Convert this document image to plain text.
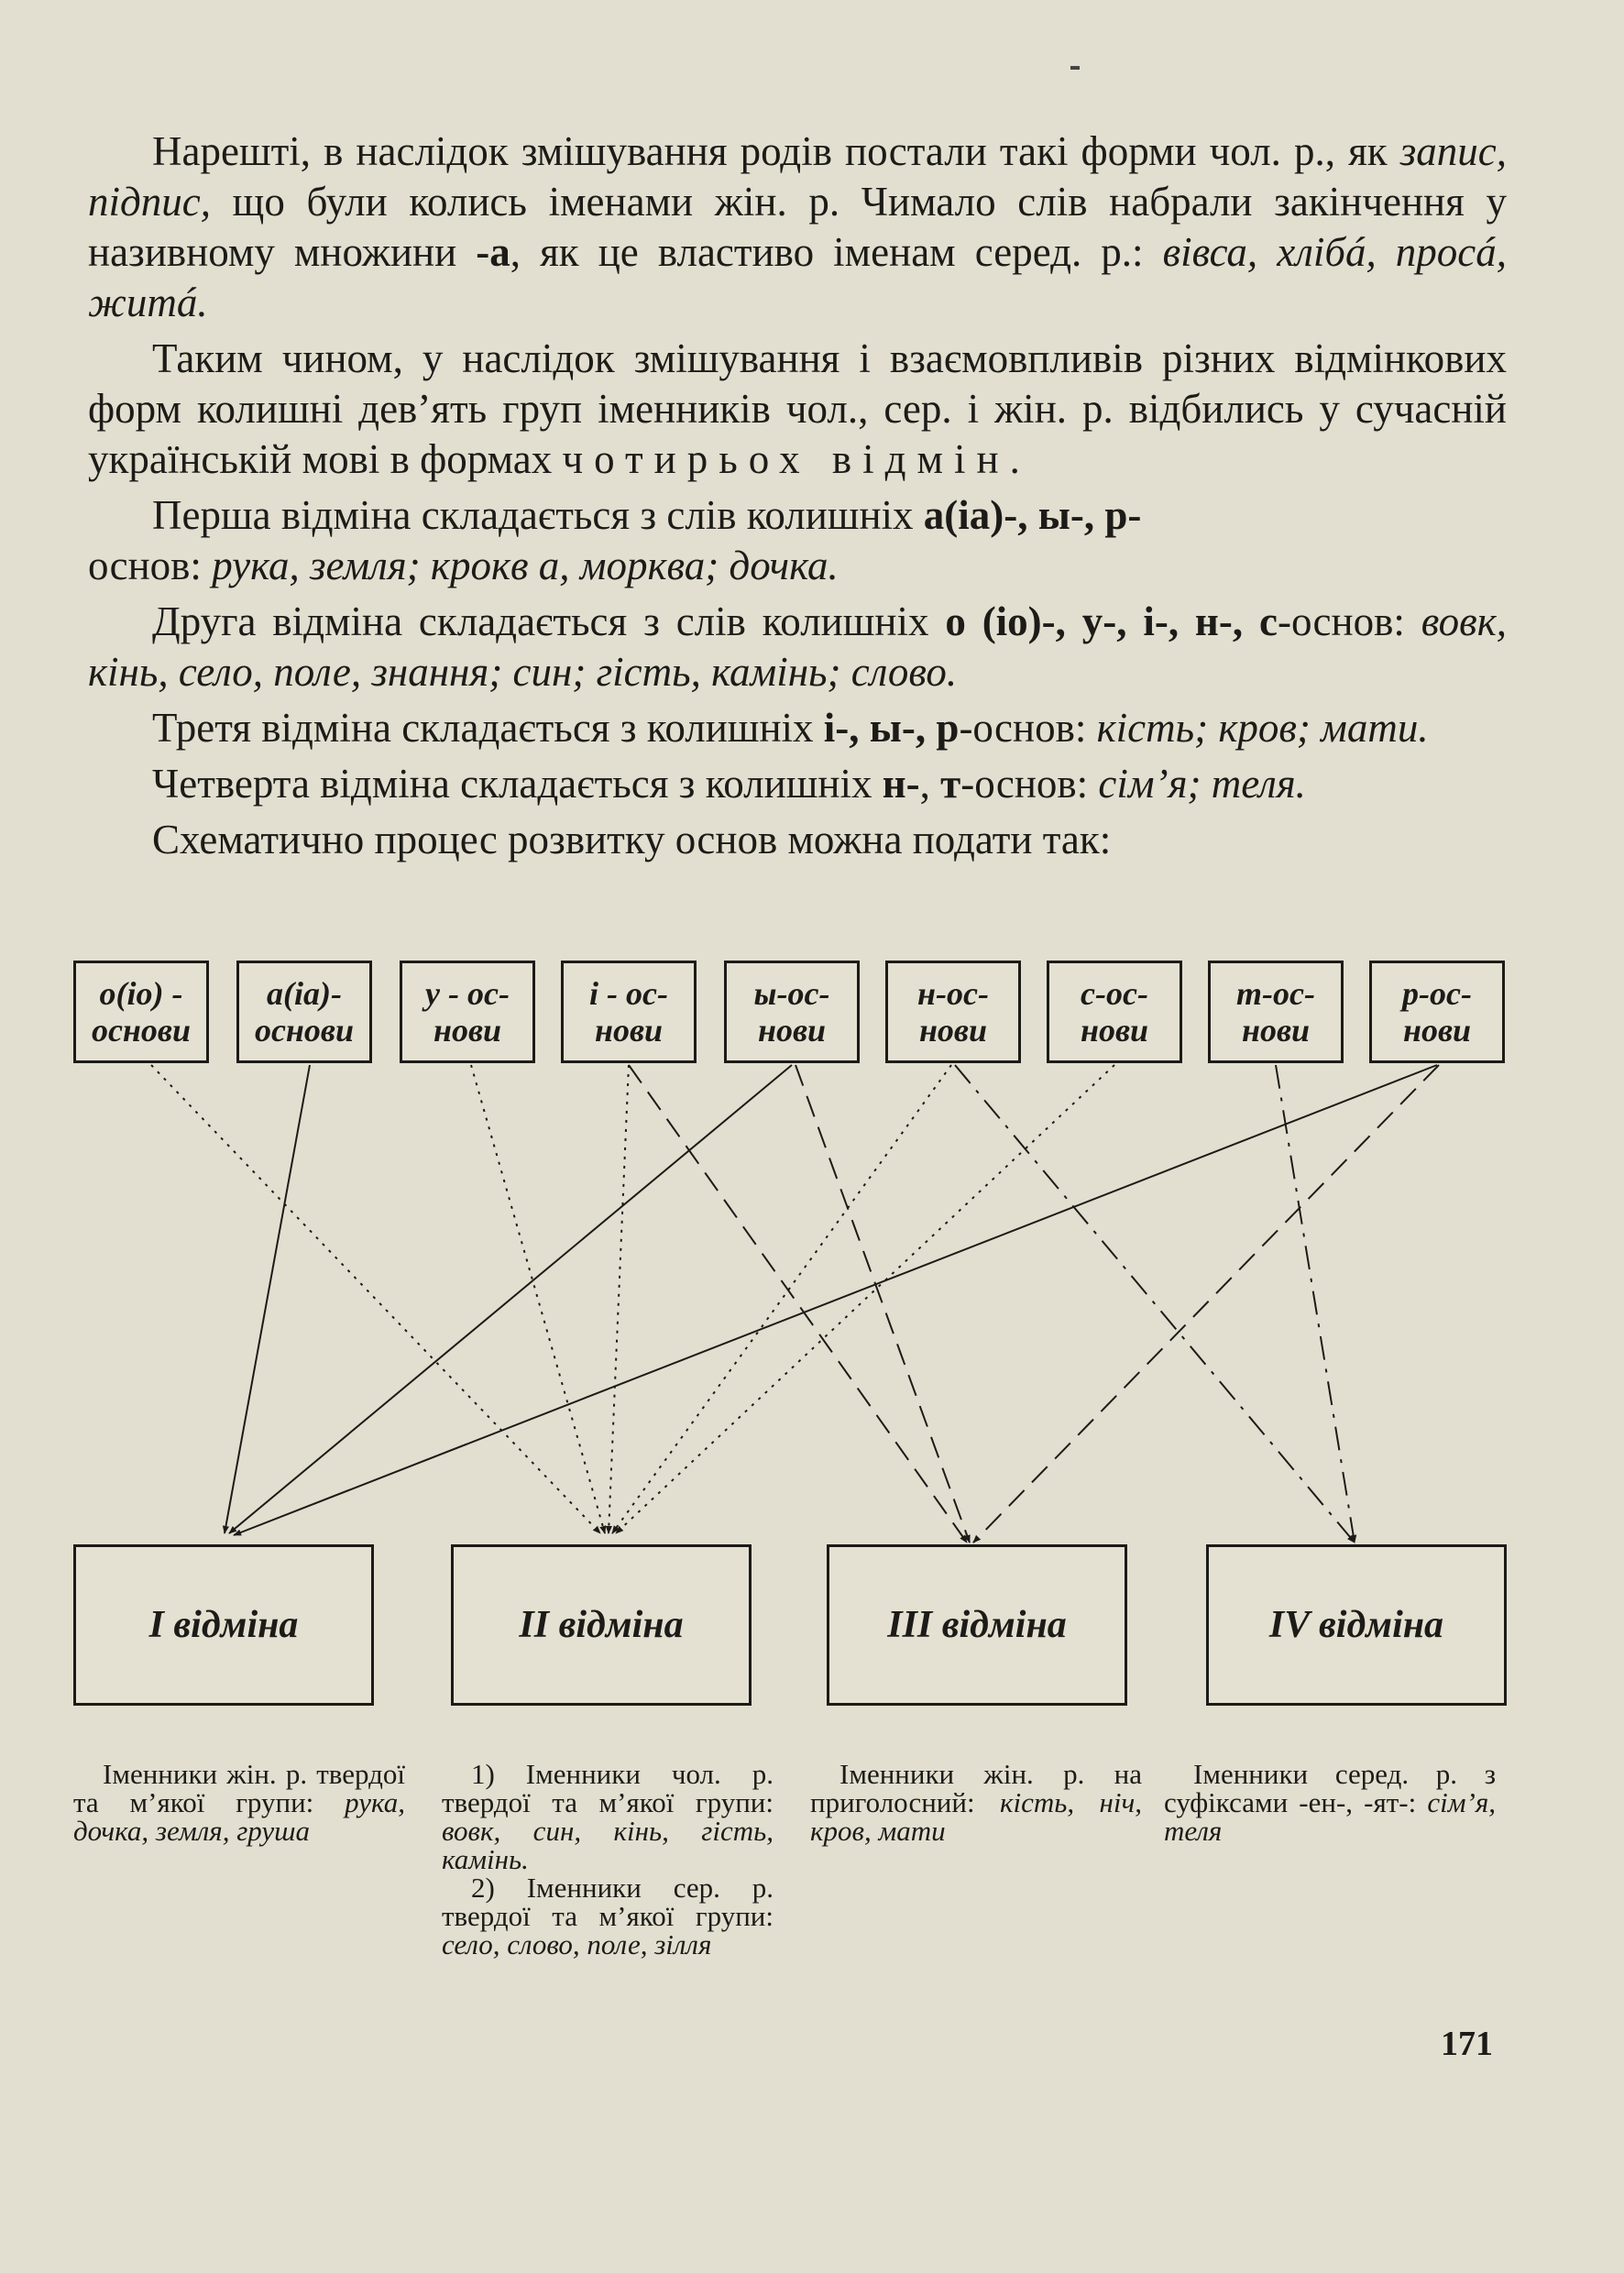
Нарешті, в наслідок змішування родів постали такі форми чол. р., як запис, підпис, що були колись іменами жін. р. Чимало слів набрали закінчення у називному множини -а, як це властиво іменам серед. р.: вівса, хлібá, просá, житá.

Таким чином, у наслідок змішування і взаємовпливів різних відмінкових форм колишні дев’ять груп іменників чол., сер. і жін. р. відбились у сучасній українській мові в формах чотирьох відмін.

Перша відміна складається з слів колишніх а(іа)-, ы-, р-
основ: рука, земля; крокв а, морква; дочка.

Друга відміна складається з слів колишніх о (іо)-, у-, і-, н-, с-основ: вовк, кінь, село, поле, знання; син; гість, камінь; слово.

Третя відміна складається з колишніх і-, ы-, р-основ: кість; кров; мати.

Четверта відміна складається з колишніх н-, т-основ: сім’я; теля.

Схематично процес розвитку основ можна подати так:

о(іо) -
основи
а(іа)-
основи
у - ос-
нови
і - ос-
нови
ы-ос-
нови
н-ос-
нови
с-ос-
нови
т-ос-
нови
р-ос-
нови
I відміна	II відміна	III відміна	IV відміна

Іменники жін. р. твердої та м’якої групи: рука, дочка, земля, груша

1) Іменники чол. р. твердої та м’якої групи: вовк, син, кінь, гість, камінь.

2) Іменники сер. р. твердої та м’якої групи: село, слово, поле, зілля

Іменники жін. р. на приголосний: кість, ніч, кров, мати

Іменники серед. р. з суфіксами -ен-, -ят-: сім’я, теля

171
